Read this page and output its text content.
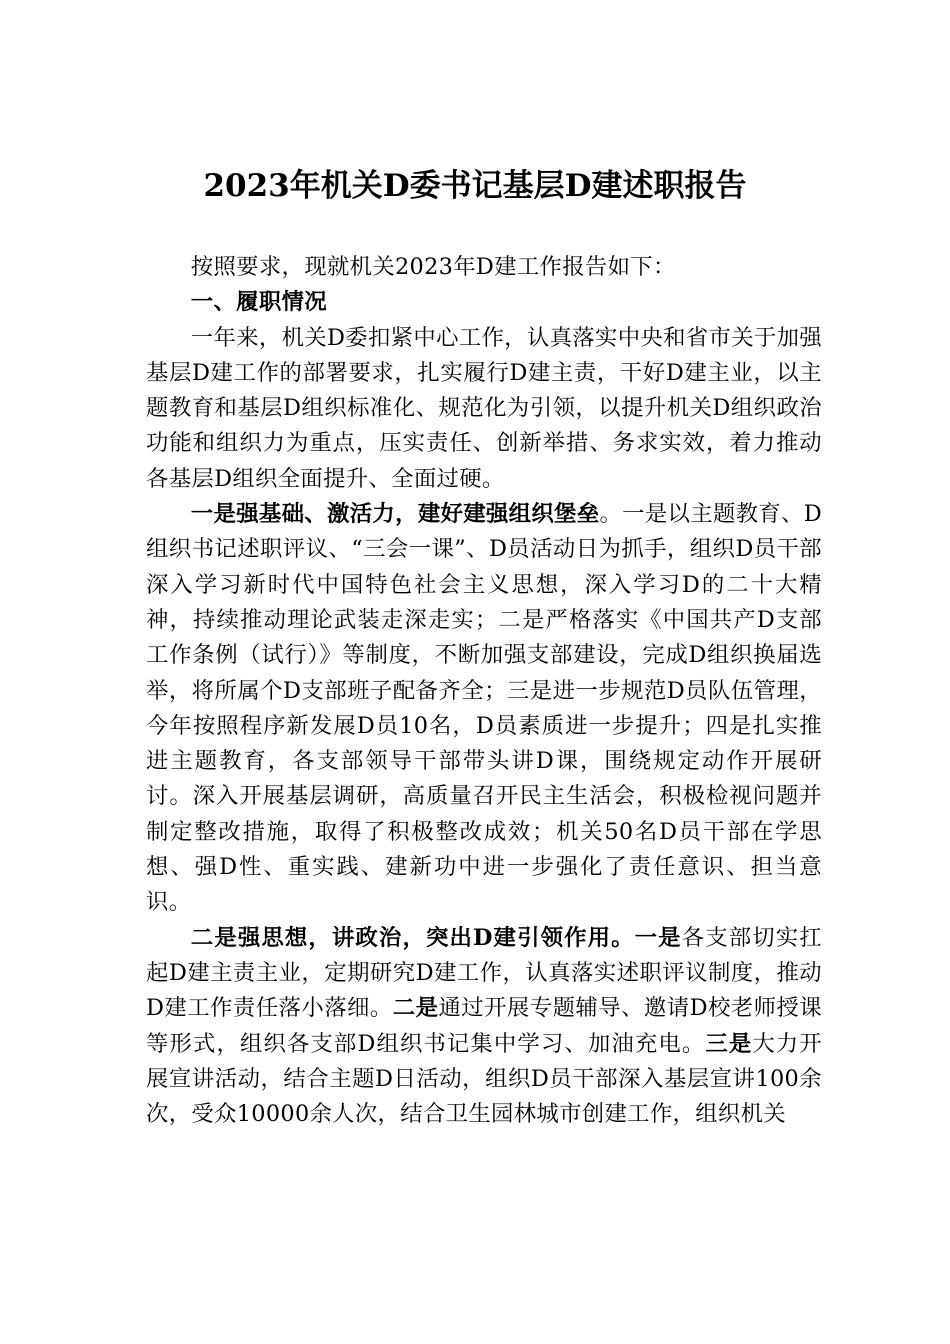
2023年机关D委书记基层D建述职报告

按照要求，现就机关2023年D建工作报告如下：

一、履职情况

一年来，机关D委扣紧中心工作，认真落实中央和省市关于加强基层D建工作的部署要求，扎实履行D建主责，干好D建主业，以主题教育和基层D组织标准化、规范化为引领，以提升机关D组织政治功能和组织力为重点，压实责任、创新举措、务求实效，着力推动各基层D组织全面提升、全面过硬。

一是强基础、激活力，建好建强组织堡垒。一是以主题教育、D组织书记述职评议、“三会一课”、D员活动日为抓手，组织D员干部深入学习新时代中国特色社会主义思想，深入学习D的二十大精神，持续推动理论武装走深走实；二是严格落实《中国共产D支部工作条例（试行）》等制度，不断加强支部建设，完成D组织换届选举，将所属个D支部班子配备齐全；三是进一步规范D员队伍管理，今年按照程序新发展D员10名，D员素质进一步提升；四是扎实推进主题教育，各支部领导干部带头讲D课，围绕规定动作开展研讨。深入开展基层调研，高质量召开民主生活会，积极检视问题并制定整改措施，取得了积极整改成效；机关50名D员干部在学思想、强D性、重实践、建新功中进一步强化了责任意识、担当意识。

二是强思想，讲政治，突出D建引领作用。一是各支部切实扛起D建主责主业，定期研究D建工作，认真落实述职评议制度，推动D建工作责任落小落细。二是通过开展专题辅导、邀请D校老师授课等形式，组织各支部D组织书记集中学习、加油充电。三是大力开展宣讲活动，结合主题D日活动，组织D员干部深入基层宣讲100余次，受众10000余人次，结合卫生园林城市创建工作，组织机关
